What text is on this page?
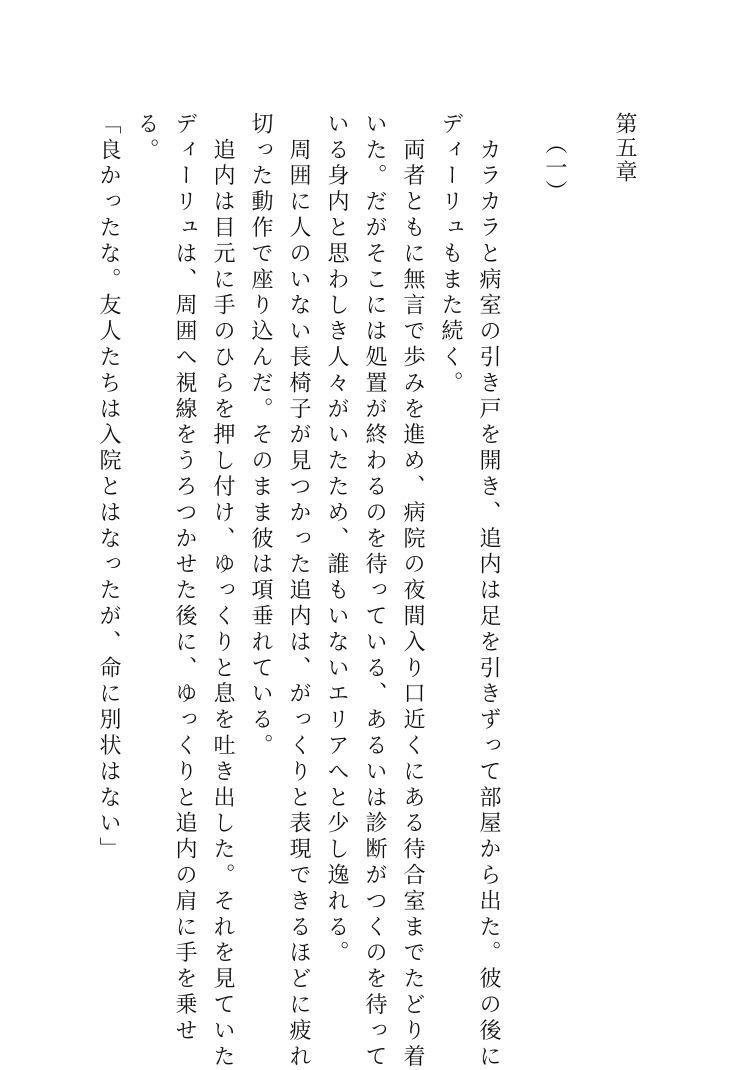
第五章
（一）
　カラカラと病室の引き戸を開き、追内は足を引きずって部屋から出た。彼の後に
ディーリュもまた続く。
　両者ともに無言で歩みを進め、病院の夜間入り口近くにある待合室までたどり着
いた。だがそこには処置が終わるのを待っている、あるいは診断がつくのを待って
いる身内と思わしき人々がいたため、誰もいないエリアへと少し逸れる。
　周囲に人のいない長椅子が見つかった追内は、がっくりと表現できるほどに疲れ
切った動作で座り込んだ。そのまま彼は項垂れている。
　追内は目元に手のひらを押し付け、ゆっくりと息を吐き出した。それを見ていた
ディーリュは、周囲へ視線をうろつかせた後に、ゆっくりと追内の肩に手を乗せ
る。
「良かったな。友人たちは入院とはなったが、命に別状はない」
